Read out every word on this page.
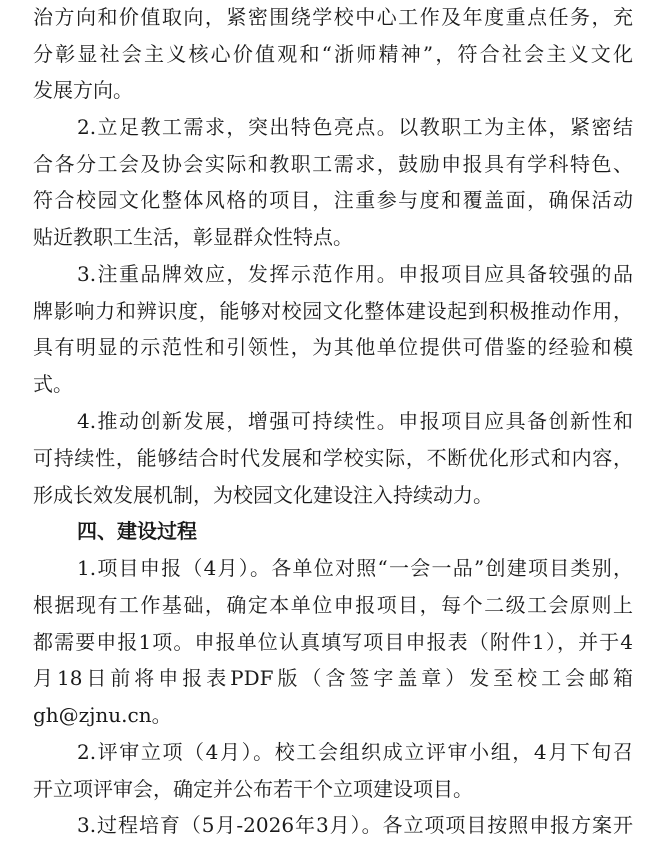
治方向和价值取向，紧密围绕学校中心工作及年度重点任务，充
分彰显社会主义核心价值观和“浙师精神”，符合社会主义文化
发展方向。
2.立足教工需求，突出特色亮点。以教职工为主体，紧密结
合各分工会及协会实际和教职工需求，鼓励申报具有学科特色、
符合校园文化整体风格的项目，注重参与度和覆盖面，确保活动
贴近教职工生活，彰显群众性特点。
3.注重品牌效应，发挥示范作用。申报项目应具备较强的品
牌影响力和辨识度，能够对校园文化整体建设起到积极推动作用，
具有明显的示范性和引领性，为其他单位提供可借鉴的经验和模
式。
4.推动创新发展，增强可持续性。申报项目应具备创新性和
可持续性，能够结合时代发展和学校实际，不断优化形式和内容，
形成长效发展机制，为校园文化建设注入持续动力。
四、建设过程
1.项目申报（4月）。各单位对照“一会一品”创建项目类别，
根据现有工作基础，确定本单位申报项目，每个二级工会原则上
都需要申报1项。申报单位认真填写项目申报表（附件1），并于4
月18日前将申报表PDF版（含签字盖章）发至校工会邮箱
gh@zjnu.cn。
2.评审立项（4月）。校工会组织成立评审小组，4月下旬召
开立项评审会，确定并公布若干个立项建设项目。
3.过程培育（5月-2026年3月）。各立项项目按照申报方案开
